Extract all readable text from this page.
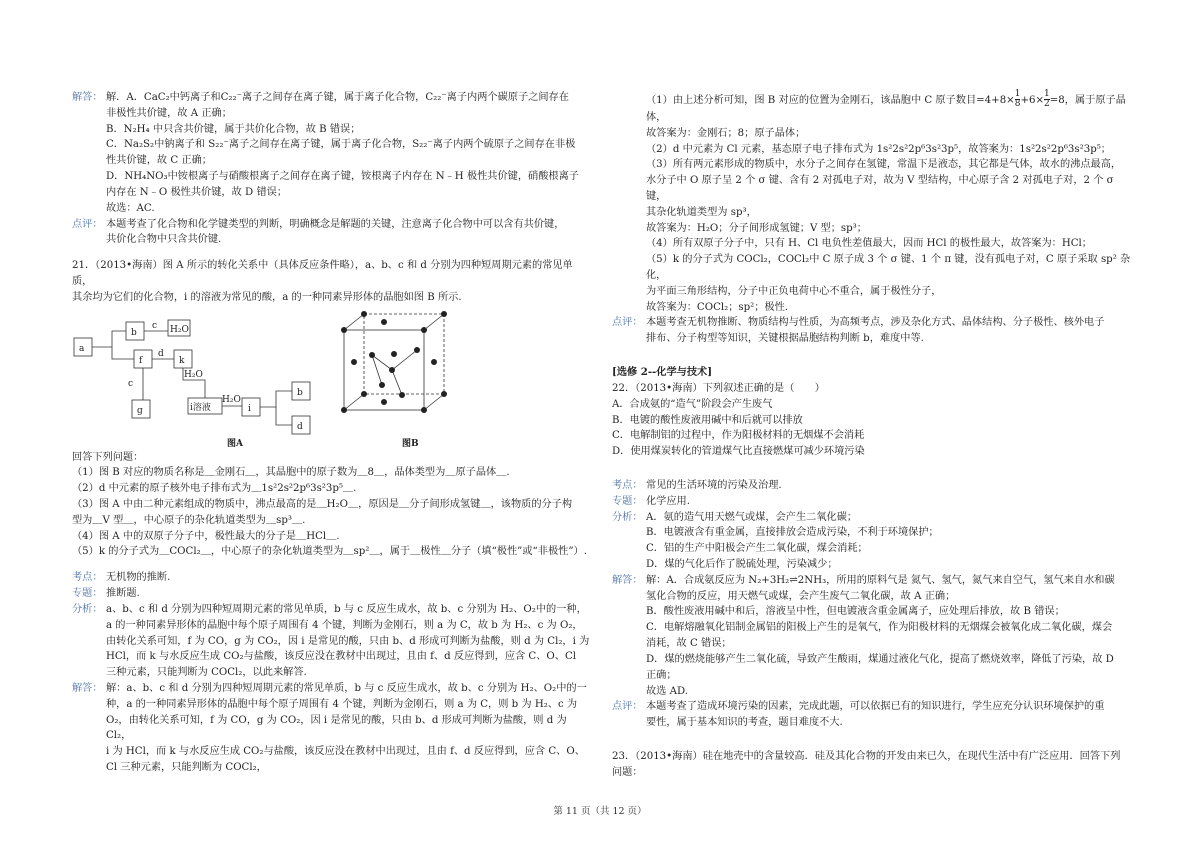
解答： 解．A．CaC₂中钙离子和C₂₂⁻离子之间存在离子键，属于离子化合物，C₂₂⁻离子内两个碳原子之间存在

非极性共价键，故 A 正确；

B．N₂H₄ 中只含共价键，属于共价化合物，故 B 错误；

C．Na₂S₂中钠离子和 S₂₂⁻离子之间存在离子键，属于离子化合物，S₂₂⁻离子内两个硫原子之间存在非极

性共价键，故 C 正确；

D．NH₄NO₃中铵根离子与硝酸根离子之间存在离子键，铵根离子内存在 N﹣H 极性共价键，硝酸根离子

内存在 N﹣O 极性共价键，故 D 错误；

故选：AC.

点评： 本题考查了化合物和化学键类型的判断，明确概念是解题的关键，注意离子化合物中可以含有共价键，

共价化合物中只含共价键.

21．（2013•海南）图 A 所示的转化关系中（具体反应条件略），a、b、c 和 d 分别为四种短周期元素的常见单质，

其余均为它们的化合物，i 的溶液为常见的酸，a 的一种同素异形体的晶胞如图 B 所示.

a
b
c H₂O
d
f	k
H₂O
c
g	i溶液
H₂O
i
b
d
图A	图B

回答下列问题：

（1）图 B 对应的物质名称是＿金刚石＿，其晶胞中的原子数为＿8＿，晶体类型为＿原子晶体＿.

（2）d 中元素的原子核外电子排布式为＿1s²2s²2p⁶3s²3p⁵＿.

（3）图 A 中由二种元素组成的物质中，沸点最高的是＿H₂O＿，原因是＿分子间形成氢键＿，该物质的分子构

型为＿V 型＿，中心原子的杂化轨道类型为＿sp³＿.

（4）图 A 中的双原子分子中，极性最大的分子是＿HCl＿.

（5）k 的分子式为＿COCl₂＿，中心原子的杂化轨道类型为＿sp²＿，属于＿极性＿分子（填“极性”或“非极性”）.

考点： 无机物的推断.
专题： 推断题.
分析： a、b、c 和 d 分别为四种短周期元素的常见单质，b 与 c 反应生成水，故 b、c 分别为 H₂、O₂中的一种，

a 的一种同素异形体的晶胞中每个原子周围有 4 个键，判断为金刚石，则 a 为 C，故 b 为 H₂、c 为 O₂，

由转化关系可知，f 为 CO，g 为 CO₂，因 i 是常见的酸，只由 b、d 形成可判断为盐酸，则 d 为 Cl₂，i 为

HCl，而 k 与水反应生成 CO₂与盐酸，该反应没在教材中出现过，且由 f、d 反应得到，应含 C、O、Cl

三种元素，只能判断为 COCl₂，以此来解答.

解答： 解：a、b、c 和 d 分别为四种短周期元素的常见单质，b 与 c 反应生成水，故 b、c 分别为 H₂、O₂中的一

种，a 的一种同素异形体的晶胞中每个原子周围有 4 个键，判断为金刚石，则 a 为 C，则 b 为 H₂、c 为

O₂，由转化关系可知，f 为 CO，g 为 CO₂，因 i 是常见的酸，只由 b、d 形成可判断为盐酸，则 d 为 Cl₂，

i 为 HCl，而 k 与水反应生成 CO₂与盐酸，该反应没在教材中出现过，且由 f、d 反应得到，应含 C、O、

Cl 三种元素，只能判断为 COCl₂，

（1）由上述分析可知，图 B 对应的位置为金刚石，该晶胞中 C 原子数目$=4+8\times \frac{1}{8} +6\times \frac{1}{2} =8$，属于原子晶体，

故答案为：金刚石；8；原子晶体；

（2）d 中元素为 Cl 元素，基态原子电子排布式为 1s²2s²2p⁶3s²3p⁵，故答案为：1s²2s²2p⁶3s²3p⁵；

（3）所有两元素形成的物质中，水分子之间存在氢键，常温下是液态，其它都是气体，故水的沸点最高，

水分子中 O 原子呈 2 个 σ 键、含有 2 对孤电子对，故为 V 型结构，中心原子含 2 对孤电子对，2 个 σ 键，

其杂化轨道类型为 sp³，

故答案为：H₂O；分子间形成氢键；V 型；sp³；

（4）所有双原子分子中，只有 H、Cl 电负性差值最大，因而 HCl 的极性最大，故答案为：HCl；

（5）k 的分子式为 COCl₂，COCl₂中 C 原子成 3 个 σ 键、1 个 π 键，没有孤电子对，C 原子采取 sp² 杂化，

为平面三角形结构，分子中正负电荷中心不重合，属于极性分子，

故答案为：COCl₂；sp²；极性.

点评： 本题考查无机物推断、物质结构与性质，为高频考点，涉及杂化方式、晶体结构、分子极性、核外电子

排布、分子构型等知识，关键根据晶胞结构判断 b，难度中等.

[选修 2--化学与技术]

22．（2013•海南）下列叙述正确的是（　　）

A．合成氨的“造气”阶段会产生废气

B．电镀的酸性废液用碱中和后就可以排放

C．电解制铝的过程中，作为阳极材料的无烟煤不会消耗

D．使用煤炭转化的管道煤气比直接燃煤可减少环境污染

考点： 常见的生活环境的污染及治理.
专题： 化学应用.
分析： A．氨的造气用天燃气或煤，会产生二氧化碳；

B．电镀液含有重金属，直接排放会造成污染，不利于环境保护；

C．铝的生产中阳极会产生二氧化碳，煤会消耗；

D．煤的气化后作了脱硫处理，污染减少；

解答： 解：A．合成氨反应为 N₂+3H₂⇌2NH₃，所用的原料气是 氮气、氢气，氮气来自空气，氢气来自水和碳

氢化合物的反应，用天燃气或煤，会产生废气二氧化碳，故 A 正确；

B．酸性废液用碱中和后，溶液呈中性，但电镀液含重金属离子，应处理后排放，故 B 错误；

C．电解熔融氧化铝制金属铝的阳极上产生的是氧气，作为阳极材料的无烟煤会被氧化成二氧化碳，煤会

消耗，故 C 错误；

D．煤的燃烧能够产生二氧化硫，导致产生酸雨，煤通过液化气化，提高了燃烧效率，降低了污染，故 D

正确；

故选 AD.

点评： 本题考查了造成环境污染的因素，完成此题，可以依据已有的知识进行，学生应充分认识环境保护的重

要性，属于基本知识的考查，题目难度不大.

23．（2013•海南）硅在地壳中的含量较高．硅及其化合物的开发由来已久，在现代生活中有广泛应用．回答下列

问题：

第 11 页（共 12 页）
